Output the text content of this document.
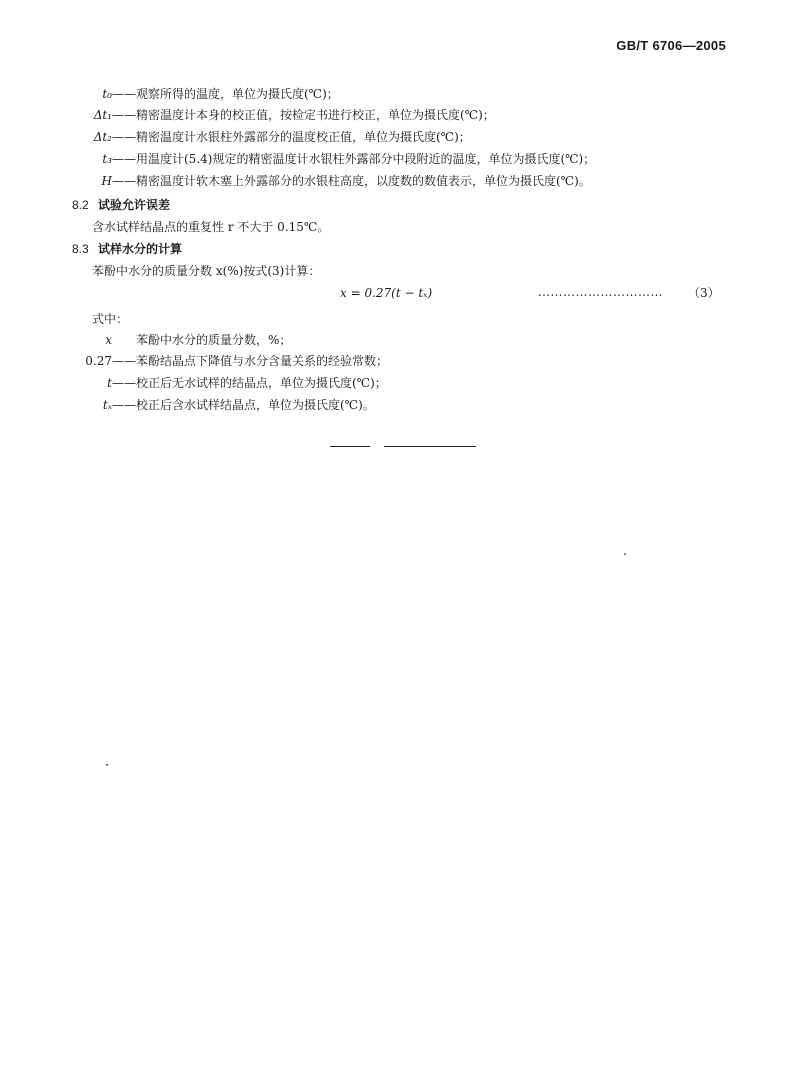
GB/T 6706—2005
t₀——观察所得的温度，单位为摄氏度(℃)；
Δt₁——精密温度计本身的校正值，按检定书进行校正，单位为摄氏度(℃)；
Δt₂——精密温度计水银柱外露部分的温度校正值，单位为摄氏度(℃)；
t₃——用温度计(5.4)规定的精密温度计水银柱外露部分中段附近的温度，单位为摄氏度(℃)；
H——精密温度计软木塞上外露部分的水银柱高度，以度数的数值表示，单位为摄氏度(℃)。
8.2 试验允许误差
含水试样结晶点的重复性 r 不大于 0.15℃。
8.3 试样水分的计算
苯酚中水分的质量分数 x(%)按式(3)计算：
x = 0.27(t − tₓ)	………………………… （3）
式中：
x 苯酚中水分的质量分数，%；
0.27——苯酚结晶点下降值与水分含量关系的经验常数；
t——校正后无水试样的结晶点，单位为摄氏度(℃)；
tₓ——校正后含水试样结晶点，单位为摄氏度(℃)。
